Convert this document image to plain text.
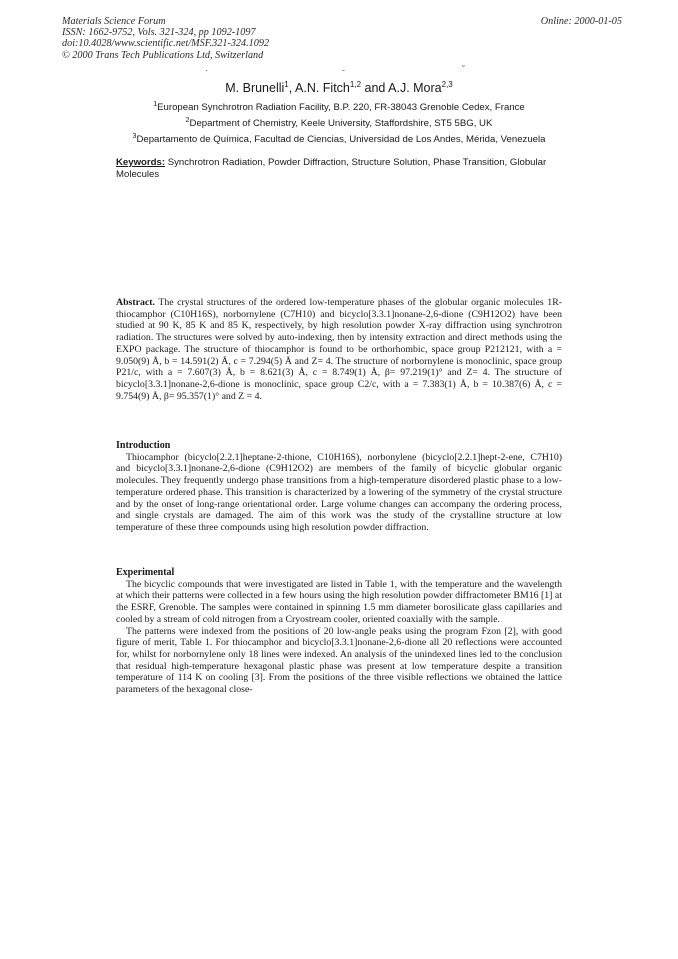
Materials Science Forum
ISSN: 1662-9752, Vols. 321-324, pp 1092-1097
doi:10.4028/www.scientific.net/MSF.321-324.1092
© 2000 Trans Tech Publications Ltd, Switzerland
Online: 2000-01-05
·	-	˘
M. Brunelli$^1$, A.N. Fitch$^{1,2}$ and A.J. Mora$^{2,3}$
$^1$European Synchrotron Radiation Facility, B.P. 220, FR-38043 Grenoble Cedex, France
$^2$Department of Chemistry, Keele University, Staffordshire, ST5 5BG, UK
$^3$Departamento de Química, Facultad de Ciencias, Universidad de Los Andes, Mérida, Venezuela
Keywords: Synchrotron Radiation, Powder Diffraction, Structure Solution, Phase Transition, Globular Molecules

Abstract. The crystal structures of the ordered low-temperature phases of the globular organic molecules 1R-thiocamphor (C10H16S), norbornylene (C7H10) and bicyclo[3.3.1]nonane-2,6-dione (C9H12O2) have been studied at 90 K, 85 K and 85 K, respectively, by high resolution powder X-ray diffraction using synchrotron radiation. The structures were solved by auto-indexing, then by intensity extraction and direct methods using the EXPO package. The structure of thiocamphor is found to be orthorhombic, space group P212121, with a = 9.050(9) Å, b = 14.591(2) Å, c = 7.294(5) Å and Z= 4. The structure of norbornylene is monoclinic, space group P21/c, with a = 7.607(3) Å, b = 8.621(3) Å, c = 8.749(1) Å, β= 97.219(1)° and Z= 4. The structure of bicyclo[3.3.1]nonane-2,6-dione is monoclinic, space group C2/c, with a = 7.383(1) Å, b = 10.387(6) Å, c = 9.754(9) Å, β= 95.357(1)° and Z = 4.

Introduction

Thiocamphor (bicyclo[2.2.1]heptane-2-thione, C10H16S), norbonylene (bicyclo[2.2.1]hept-2-ene, C7H10) and bicyclo[3.3.1]nonane-2,6-dione (C9H12O2) are members of the family of bicyclic globular organic molecules. They frequently undergo phase transitions from a high-temperature disordered plastic phase to a low-temperature ordered phase. This transition is characterized by a lowering of the symmetry of the crystal structure and by the onset of long-range orientational order. Large volume changes can accompany the ordering process, and single crystals are damaged. The aim of this work was the study of the crystalline structure at low temperature of these three compounds using high resolution powder diffraction.

Experimental

The bicyclic compounds that were investigated are listed in Table 1, with the temperature and the wavelength at which their patterns were collected in a few hours using the high resolution powder diffractometer BM16 [1] at the ESRF, Grenoble. The samples were contained in spinning 1.5 mm diameter borosilicate glass capillaries and cooled by a stream of cold nitrogen from a Cryostream cooler, oriented coaxially with the sample.

The patterns were indexed from the positions of 20 low-angle peaks using the program Fzon [2], with good figure of merit, Table 1. For thiocamphor and bicyclo[3.3.1]nonane-2,6-dione all 20 reflections were accounted for, whilst for norbornylene only 18 lines were indexed. An analysis of the unindexed lines led to the conclusion that residual high-temperature hexagonal plastic phase was present at low temperature despite a transition temperature of 114 K on cooling [3]. From the positions of the three visible reflections we obtained the lattice parameters of the hexagonal close-
